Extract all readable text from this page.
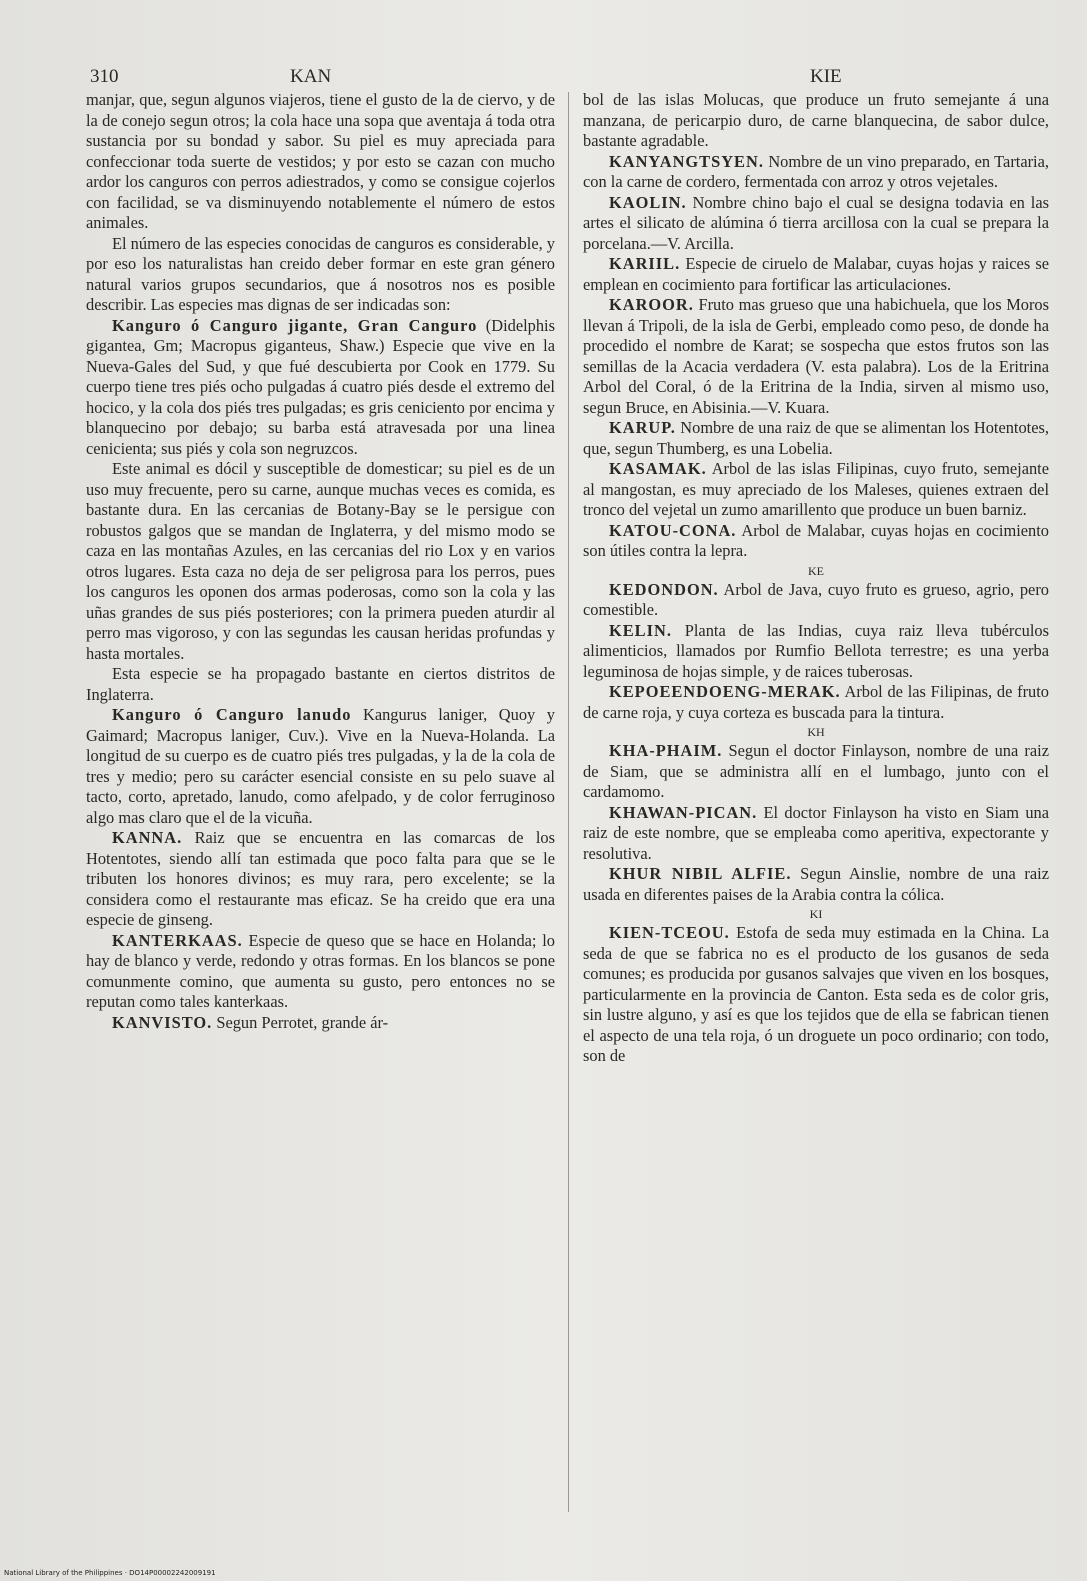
310	KAN	KIE

manjar, que, segun algunos viajeros, tiene el gusto de la de ciervo, y de la de conejo segun otros; la cola hace una sopa que aventaja á toda otra sustancia por su bondad y sabor. Su piel es muy apreciada para confeccionar toda suerte de vestidos; y por esto se cazan con mucho ardor los canguros con perros adiestrados, y como se consigue cojerlos con facilidad, se va disminuyendo notablemente el número de estos animales.

El número de las especies conocidas de canguros es considerable, y por eso los naturalistas han creido deber formar en este gran género natural varios grupos secundarios, que á nosotros nos es posible describir. Las especies mas dignas de ser indicadas son:

Kanguro ó Canguro jigante, Gran Canguro (Didelphis gigantea, Gm; Macropus giganteus, Shaw.) Especie que vive en la Nueva-Gales del Sud, y que fué descubierta por Cook en 1779. Su cuerpo tiene tres piés ocho pulgadas á cuatro piés desde el extremo del hocico, y la cola dos piés tres pulgadas; es gris ceniciento por encima y blanquecino por debajo; su barba está atravesada por una linea cenicienta; sus piés y cola son negruzcos.

Este animal es dócil y susceptible de domesticar; su piel es de un uso muy frecuente, pero su carne, aunque muchas veces es comida, es bastante dura. En las cercanias de Botany-Bay se le persigue con robustos galgos que se mandan de Inglaterra, y del mismo modo se caza en las montañas Azules, en las cercanias del rio Lox y en varios otros lugares. Esta caza no deja de ser peligrosa para los perros, pues los canguros les oponen dos armas poderosas, como son la cola y las uñas grandes de sus piés posteriores; con la primera pueden aturdir al perro mas vigoroso, y con las segundas les causan heridas profundas y hasta mortales.

Esta especie se ha propagado bastante en ciertos distritos de Inglaterra.

Kanguro ó Canguro lanudo Kangurus laniger, Quoy y Gaimard; Macropus laniger, Cuv.). Vive en la Nueva-Holanda. La longitud de su cuerpo es de cuatro piés tres pulgadas, y la de la cola de tres y medio; pero su carácter esencial consiste en su pelo suave al tacto, corto, apretado, lanudo, como afelpado, y de color ferruginoso algo mas claro que el de la vicuña.

KANNA. Raiz que se encuentra en las comarcas de los Hotentotes, siendo allí tan estimada que poco falta para que se le tributen los honores divinos; es muy rara, pero excelente; se la considera como el restaurante mas eficaz. Se ha creido que era una especie de ginseng.

KANTERKAAS. Especie de queso que se hace en Holanda; lo hay de blanco y verde, redondo y otras formas. En los blancos se pone comunmente comino, que aumenta su gusto, pero entonces no se reputan como tales kanterkaas.

KANVISTO. Segun Perrotet, grande ár-

bol de las islas Molucas, que produce un fruto semejante á una manzana, de pericarpio duro, de carne blanquecina, de sabor dulce, bastante agradable.

KANYANGTSYEN. Nombre de un vino preparado, en Tartaria, con la carne de cordero, fermentada con arroz y otros vejetales.

KAOLIN. Nombre chino bajo el cual se designa todavia en las artes el silicato de alúmina ó tierra arcillosa con la cual se prepara la porcelana.—V. Arcilla.

KARIIL. Especie de ciruelo de Malabar, cuyas hojas y raices se emplean en cocimiento para fortificar las articulaciones.

KAROOR. Fruto mas grueso que una habichuela, que los Moros llevan á Tripoli, de la isla de Gerbi, empleado como peso, de donde ha procedido el nombre de Karat; se sospecha que estos frutos son las semillas de la Acacia verdadera (V. esta palabra). Los de la Eritrina Arbol del Coral, ó de la Eritrina de la India, sirven al mismo uso, segun Bruce, en Abisinia.—V. Kuara.

KARUP. Nombre de una raiz de que se alimentan los Hotentotes, que, segun Thumberg, es una Lobelia.

KASAMAK. Arbol de las islas Filipinas, cuyo fruto, semejante al mangostan, es muy apreciado de los Maleses, quienes extraen del tronco del vejetal un zumo amarillento que produce un buen barniz.

KATOU-CONA. Arbol de Malabar, cuyas hojas en cocimiento son útiles contra la lepra.

KE

KEDONDON. Arbol de Java, cuyo fruto es grueso, agrio, pero comestible.

KELIN. Planta de las Indias, cuya raiz lleva tubérculos alimenticios, llamados por Rumfio Bellota terrestre; es una yerba leguminosa de hojas simple, y de raices tuberosas.

KEPOEENDOENG-MERAK. Arbol de las Filipinas, de fruto de carne roja, y cuya corteza es buscada para la tintura.

KH

KHA-PHAIM. Segun el doctor Finlayson, nombre de una raiz de Siam, que se administra allí en el lumbago, junto con el cardamomo.

KHAWAN-PICAN. El doctor Finlayson ha visto en Siam una raiz de este nombre, que se empleaba como aperitiva, expectorante y resolutiva.

KHUR NIBIL ALFIE. Segun Ainslie, nombre de una raiz usada en diferentes paises de la Arabia contra la cólica.

KI

KIEN-TCEOU. Estofa de seda muy estimada en la China. La seda de que se fabrica no es el producto de los gusanos de seda comunes; es producida por gusanos salvajes que viven en los bosques, particularmente en la provincia de Canton. Esta seda es de color gris, sin lustre alguno, y así es que los tejidos que de ella se fabrican tienen el aspecto de una tela roja, ó un droguete un poco ordinario; con todo, son de

National Library of the Philippines · DO14P00002242009191
